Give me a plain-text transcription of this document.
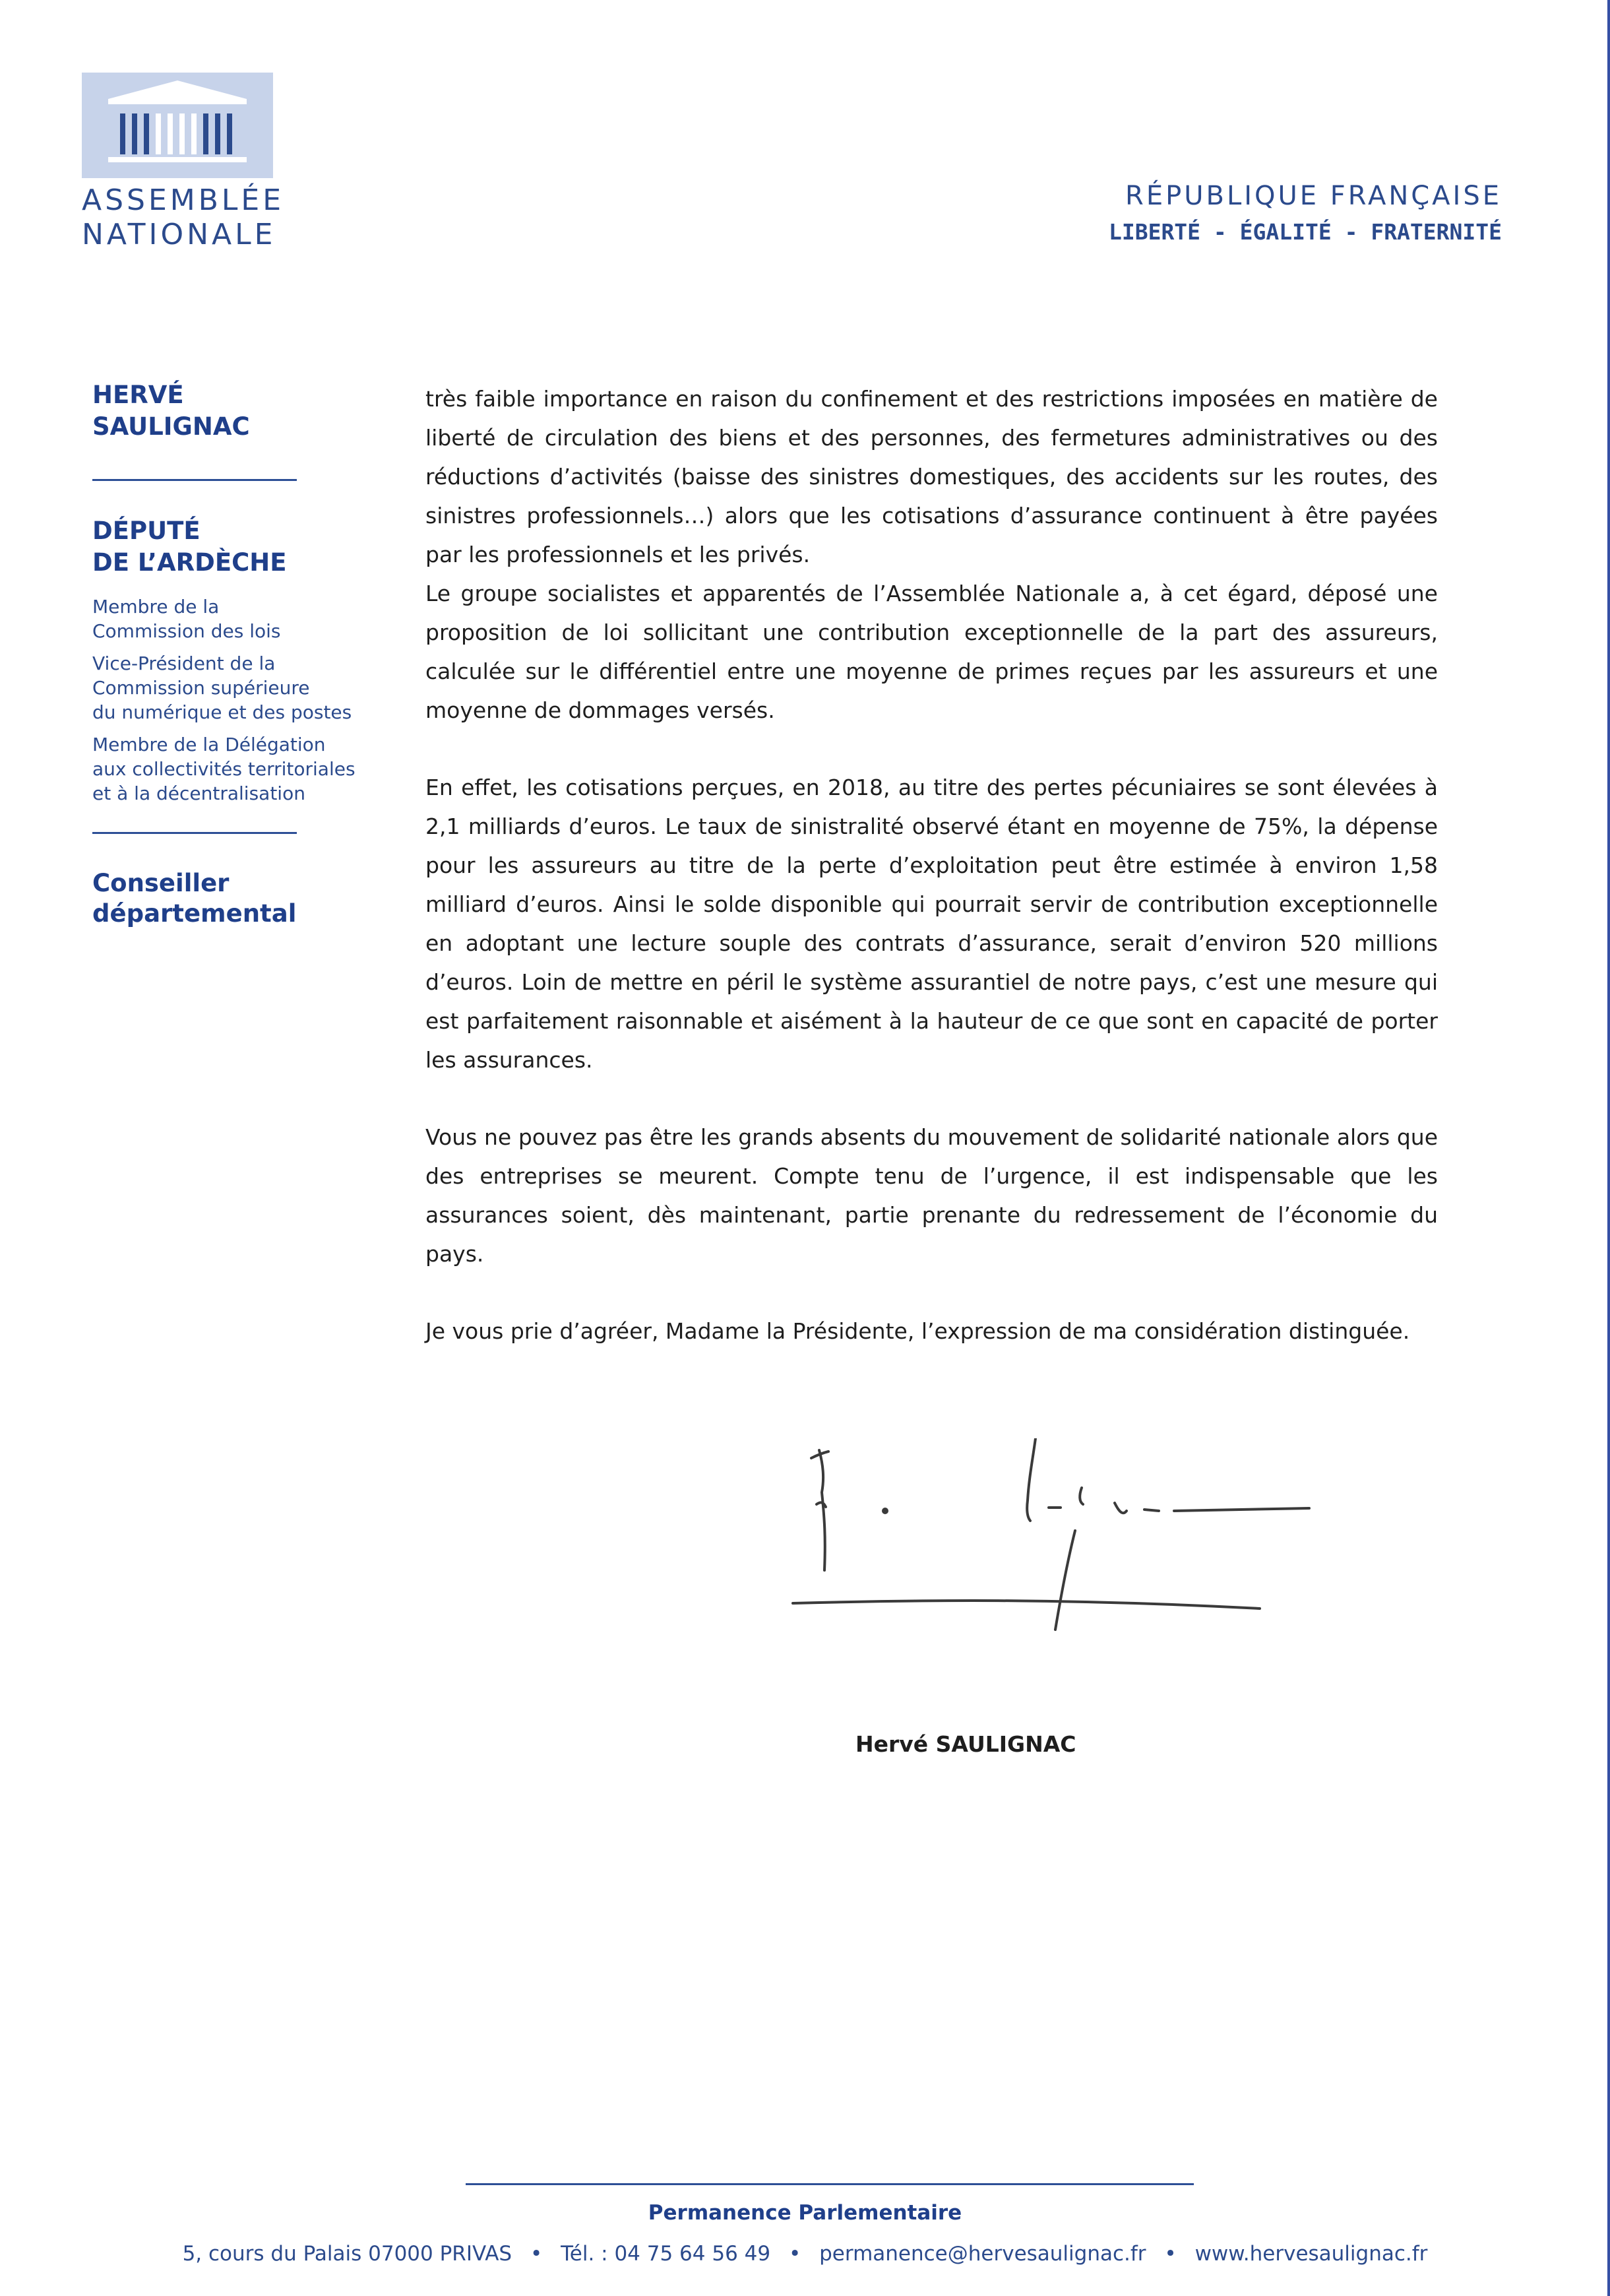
ASSEMBLÉE
NATIONALE
RÉPUBLIQUE FRANÇAISE
LIBERTÉ - ÉGALITÉ - FRATERNITÉ

HERVÉ

SAULIGNAC

DÉPUTÉ

DE L’ARDÈCHE

Membre de la
Commission des lois
Vice-Président de la
Commission supérieure
du numérique et des postes
Membre de la Délégation
aux collectivités territoriales
et à la décentralisation

Conseiller

départemental

très faible importance en raison du confinement et des restrictions imposées en matière de liberté de circulation des biens et des personnes, des fermetures administratives ou des réductions d’activités (baisse des sinistres domestiques, des accidents sur les routes, des sinistres professionnels…) alors que les cotisations d’assurance continuent à être payées par les professionnels et les privés.

Le groupe socialistes et apparentés de l’Assemblée Nationale a, à cet égard, déposé une proposition de loi sollicitant une contribution exceptionnelle de la part des assureurs, calculée sur le différentiel entre une moyenne de primes reçues par les assureurs et une moyenne de dommages versés.

En effet, les cotisations perçues, en 2018, au titre des pertes pécuniaires se sont élevées à 2,1 milliards d’euros. Le taux de sinistralité observé étant en moyenne de 75%, la dépense pour les assureurs au titre de la perte d’exploitation peut être estimée à environ 1,58 milliard d’euros. Ainsi le solde disponible qui pourrait servir de contribution exceptionnelle en adoptant une lecture souple des contrats d’assurance, serait d’environ 520 millions d’euros. Loin de mettre en péril le système assurantiel de notre pays, c’est une mesure qui est parfaitement raisonnable et aisément à la hauteur de ce que sont en capacité de porter les assurances.

Vous ne pouvez pas être les grands absents du mouvement de solidarité nationale alors que des entreprises se meurent. Compte tenu de l’urgence, il est indispensable que les assurances soient, dès maintenant, partie prenante du redressement de l’économie du pays.

Je vous prie d’agréer, Madame la Présidente, l’expression de ma considération distinguée.

Hervé SAULIGNAC
Permanence Parlementaire
5, cours du Palais 07000 PRIVAS • Tél. : 04 75 64 56 49 • permanence@hervesaulignac.fr • www.hervesaulignac.fr
